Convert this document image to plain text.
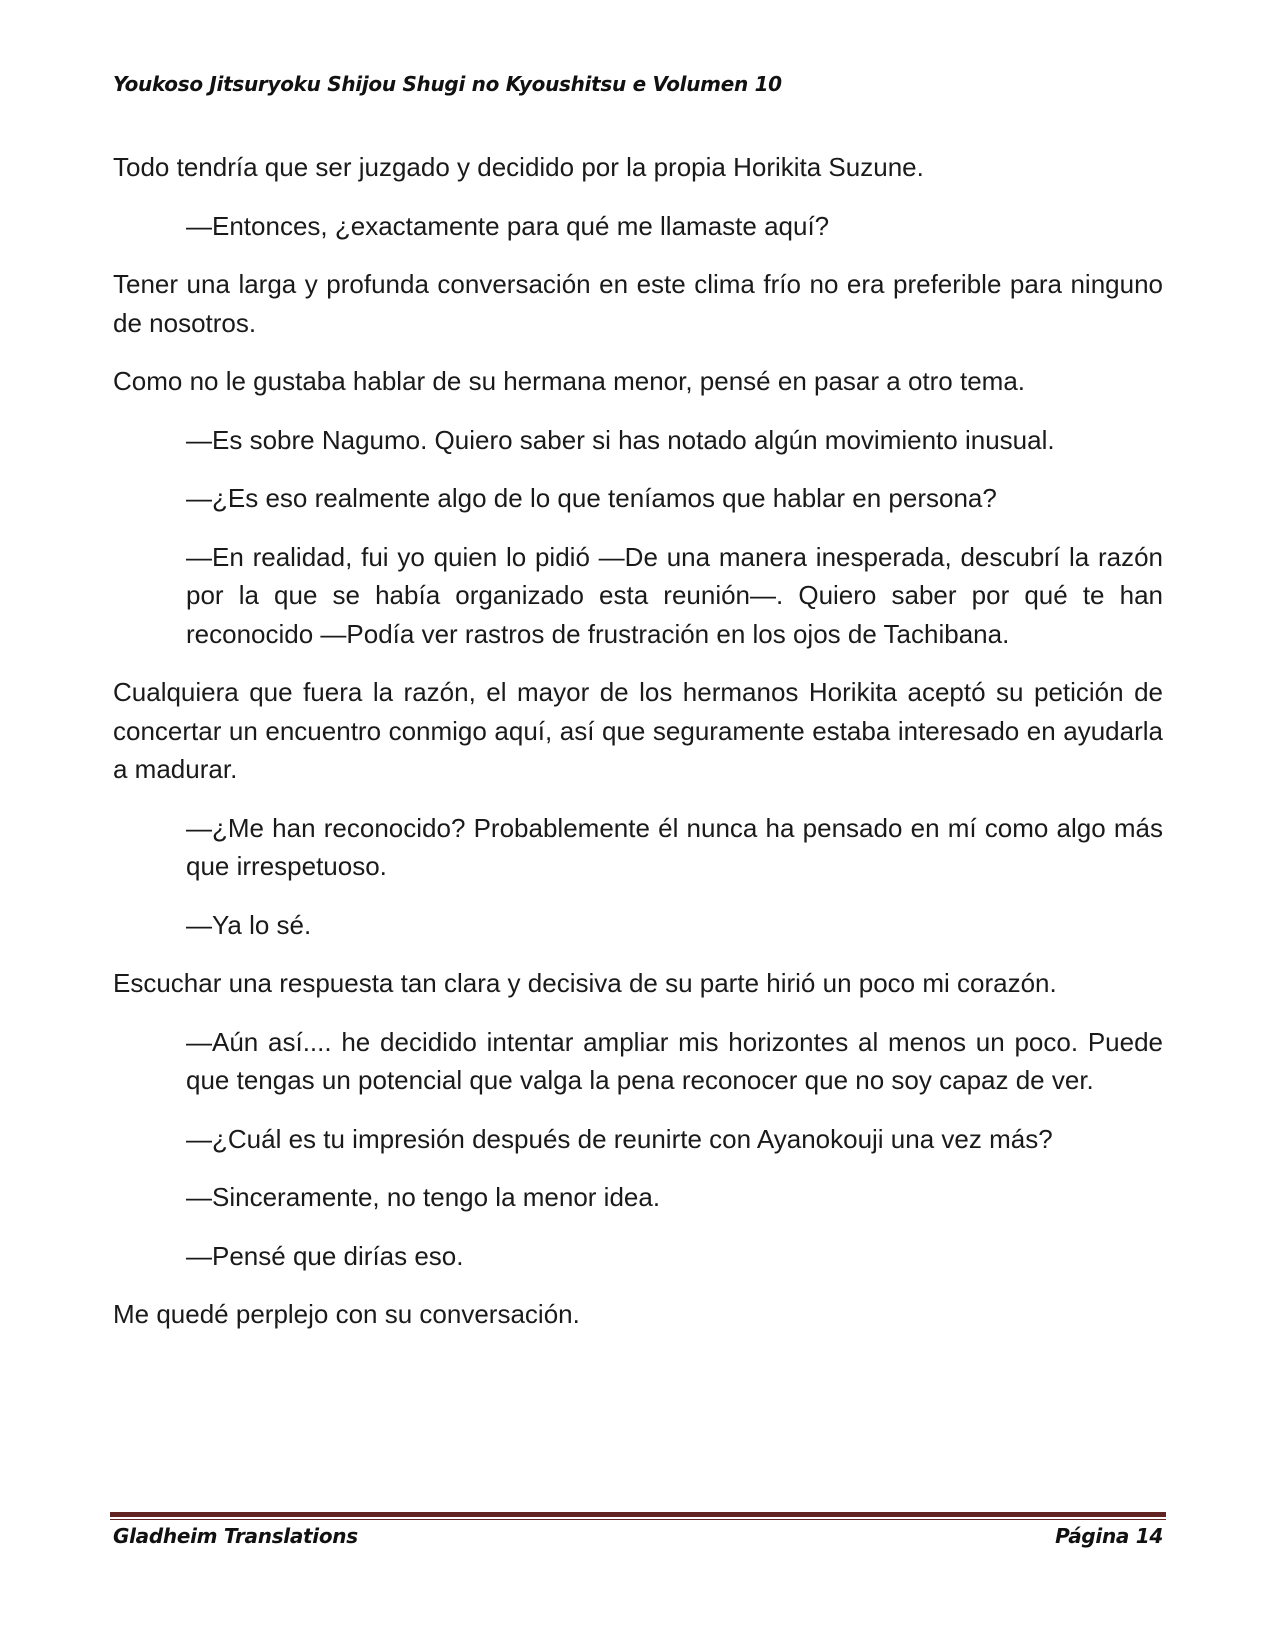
Youkoso Jitsuryoku Shijou Shugi no Kyoushitsu e Volumen 10

Todo tendría que ser juzgado y decidido por la propia Horikita Suzune.

—Entonces, ¿exactamente para qué me llamaste aquí?

Tener una larga y profunda conversación en este clima frío no era preferible para ninguno de nosotros.

Como no le gustaba hablar de su hermana menor, pensé en pasar a otro tema.

—Es sobre Nagumo. Quiero saber si has notado algún movimiento inusual.

—¿Es eso realmente algo de lo que teníamos que hablar en persona?

—En realidad, fui yo quien lo pidió —De una manera inesperada, descubrí la razón por la que se había organizado esta reunión—. Quiero saber por qué te han reconocido —Podía ver rastros de frustración en los ojos de Tachibana.

Cualquiera que fuera la razón, el mayor de los hermanos Horikita aceptó su petición de concertar un encuentro conmigo aquí, así que seguramente estaba interesado en ayudarla a madurar.

—¿Me han reconocido? Probablemente él nunca ha pensado en mí como algo más que irrespetuoso.

—Ya lo sé.

Escuchar una respuesta tan clara y decisiva de su parte hirió un poco mi corazón.

—Aún así.... he decidido intentar ampliar mis horizontes al menos un poco. Puede que tengas un potencial que valga la pena reconocer que no soy capaz de ver.

—¿Cuál es tu impresión después de reunirte con Ayanokouji una vez más?

—Sinceramente, no tengo la menor idea.

—Pensé que dirías eso.

Me quedé perplejo con su conversación.

Gladheim Translations	Página 14
